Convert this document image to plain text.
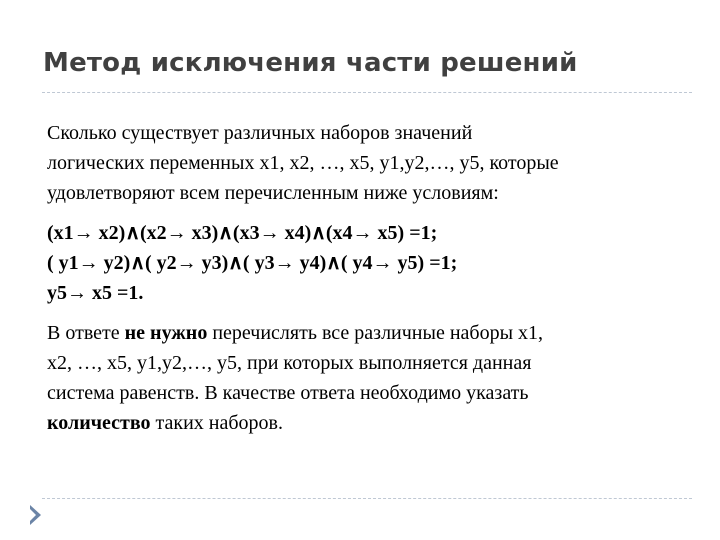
Метод исключения части решений
Сколько существует различных наборов значений
логических переменных x1, x2, …, x5, y1,y2,…, y5, которые
удовлетворяют всем перечисленным ниже условиям:
(x1→ x2)∧(x2→ x3)∧(x3→ x4)∧(x4→ x5) =1;
( y1→ y2)∧( y2→ y3)∧( y3→ y4)∧( y4→ y5) =1;
y5→ x5 =1.
В ответе не нужно перечислять все различные наборы x1,
x2, …, x5, y1,y2,…, y5, при которых выполняется данная
система равенств. В качестве ответа необходимо указать
количество таких наборов.
